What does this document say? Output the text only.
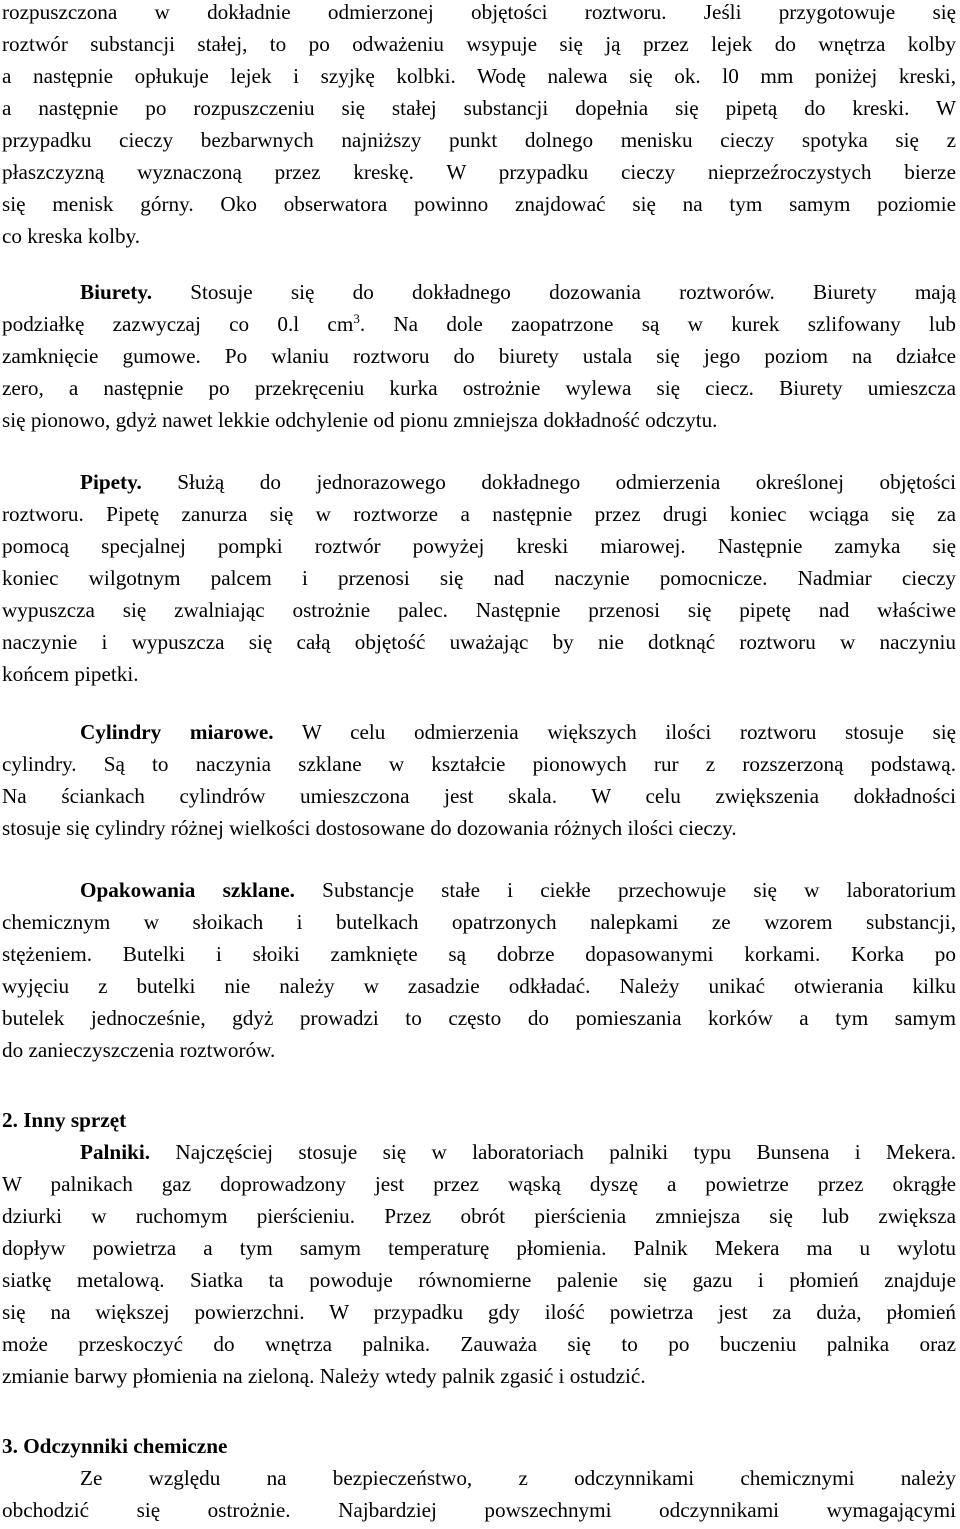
rozpuszczona w dokładnie odmierzonej objętości roztworu. Jeśli przygotowuje się
roztwór substancji stałej, to po odważeniu wsypuje się ją przez lejek do wnętrza kolby
a następnie opłukuje lejek i szyjkę kolbki. Wodę nalewa się ok. l0 mm poniżej kreski,
a następnie po rozpuszczeniu się stałej substancji dopełnia się pipetą do kreski. W
przypadku cieczy bezbarwnych najniższy punkt dolnego menisku cieczy spotyka się z
płaszczyzną wyznaczoną przez kreskę. W przypadku cieczy nieprzeźroczystych bierze
się menisk górny. Oko obserwatora powinno znajdować się na tym samym poziomie
co kreska kolby.
Biurety. Stosuje się do dokładnego dozowania roztworów. Biurety mają
podziałkę zazwyczaj co 0.l $cm^3$. Na dole zaopatrzone są w kurek szlifowany lub
zamknięcie gumowe. Po wlaniu roztworu do biurety ustala się jego poziom na działce
zero, a następnie po przekręceniu kurka ostrożnie wylewa się ciecz. Biurety umieszcza
się pionowo, gdyż nawet lekkie odchylenie od pionu zmniejsza dokładność odczytu.
Pipety. Służą do jednorazowego dokładnego odmierzenia określonej objętości
roztworu. Pipetę zanurza się w roztworze a następnie przez drugi koniec wciąga się za
pomocą specjalnej pompki roztwór powyżej kreski miarowej. Następnie zamyka się
koniec wilgotnym palcem i przenosi się nad naczynie pomocnicze. Nadmiar cieczy
wypuszcza się zwalniając ostrożnie palec. Następnie przenosi się pipetę nad właściwe
naczynie i wypuszcza się całą objętość uważając by nie dotknąć roztworu w naczyniu
końcem pipetki.
Cylindry miarowe. W celu odmierzenia większych ilości roztworu stosuje się
cylindry. Są to naczynia szklane w kształcie pionowych rur z rozszerzoną podstawą.
Na ściankach cylindrów umieszczona jest skala. W celu zwiększenia dokładności
stosuje się cylindry różnej wielkości dostosowane do dozowania różnych ilości cieczy.
Opakowania szklane. Substancje stałe i ciekłe przechowuje się w laboratorium
chemicznym w słoikach i butelkach opatrzonych nalepkami ze wzorem substancji,
stężeniem. Butelki i słoiki zamknięte są dobrze dopasowanymi korkami. Korka po
wyjęciu z butelki nie należy w zasadzie odkładać. Należy unikać otwierania kilku
butelek jednocześnie, gdyż prowadzi to często do pomieszania korków a tym samym
do zanieczyszczenia roztworów.
2. Inny sprzęt
Palniki. Najczęściej stosuje się w laboratoriach palniki typu Bunsena i Mekera.
W palnikach gaz doprowadzony jest przez wąską dyszę a powietrze przez okrągłe
dziurki w ruchomym pierścieniu. Przez obrót pierścienia zmniejsza się lub zwiększa
dopływ powietrza a tym samym temperaturę płomienia. Palnik Mekera ma u wylotu
siatkę metalową. Siatka ta powoduje równomierne palenie się gazu i płomień znajduje
się na większej powierzchni. W przypadku gdy ilość powietrza jest za duża, płomień
może przeskoczyć do wnętrza palnika. Zauważa się to po buczeniu palnika oraz
zmianie barwy płomienia na zieloną. Należy wtedy palnik zgasić i ostudzić.
3. Odczynniki chemiczne
Ze względu na bezpieczeństwo, z odczynnikami chemicznymi należy
obchodzić się ostrożnie. Najbardziej powszechnymi odczynnikami wymagającymi
